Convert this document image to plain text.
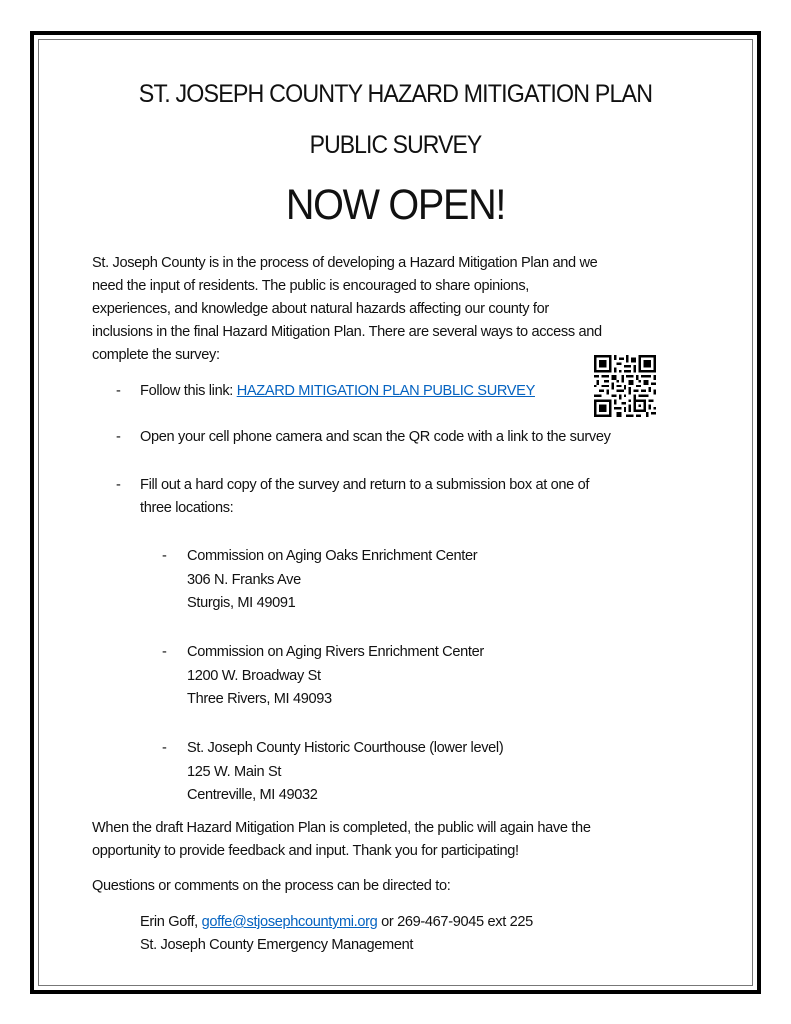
ST. JOSEPH COUNTY HAZARD MITIGATION PLAN
PUBLIC SURVEY
NOW OPEN!
St. Joseph County is in the process of developing a Hazard Mitigation Plan and we
need the input of residents. The public is encouraged to share opinions,
experiences, and knowledge about natural hazards affecting our county for
inclusions in the final Hazard Mitigation Plan. There are several ways to access and
complete the survey:
- Follow this link: HAZARD MITIGATION PLAN PUBLIC SURVEY
- Open your cell phone camera and scan the QR code with a link to the survey
- Fill out a hard copy of the survey and return to a submission box at one of
three locations:
- Commission on Aging Oaks Enrichment Center
306 N. Franks Ave
Sturgis, MI 49091
- Commission on Aging Rivers Enrichment Center
1200 W. Broadway St
Three Rivers, MI 49093
- St. Joseph County Historic Courthouse (lower level)
125 W. Main St
Centreville, MI 49032
When the draft Hazard Mitigation Plan is completed, the public will again have the
opportunity to provide feedback and input. Thank you for participating!
Questions or comments on the process can be directed to:
Erin Goff, goffe@stjosephcountymi.org or 269-467-9045 ext 225
St. Joseph County Emergency Management
